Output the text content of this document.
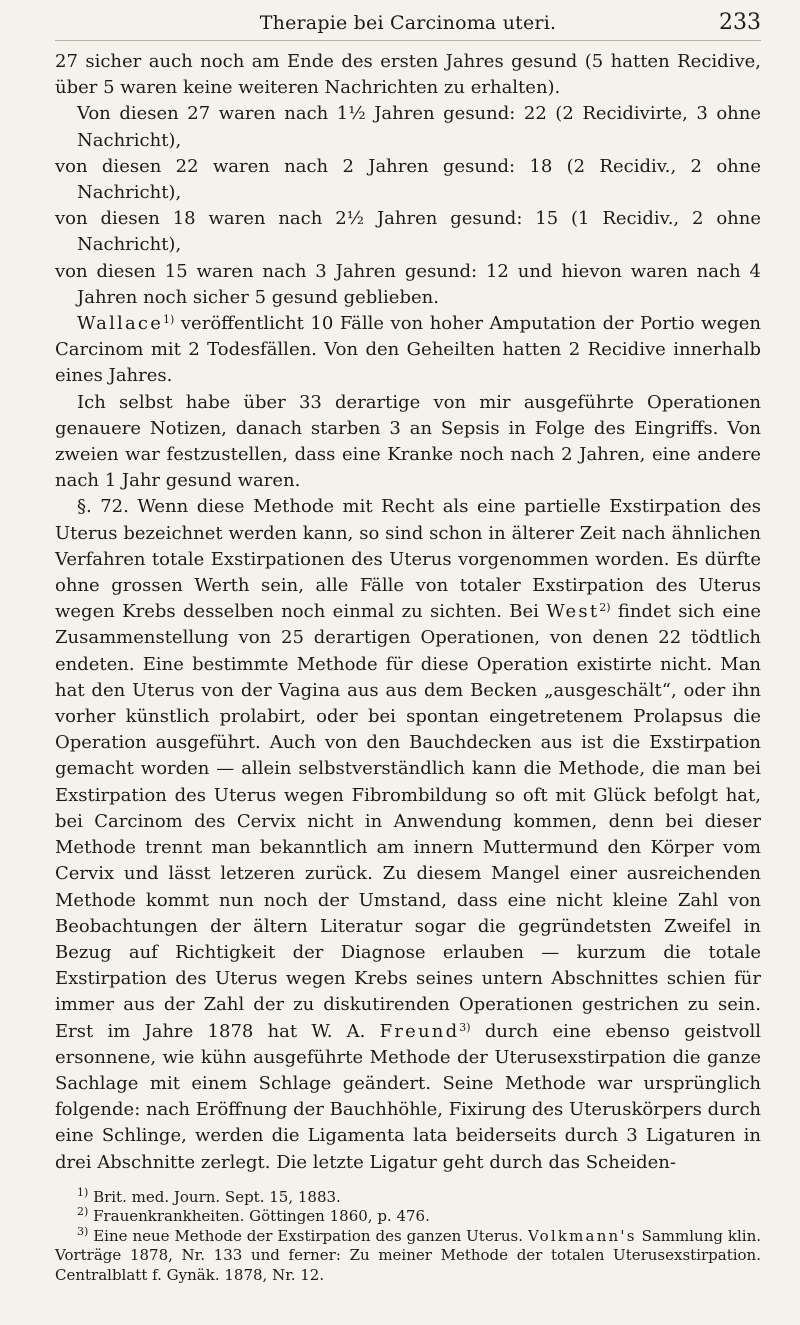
Therapie bei Carcinoma uteri.	233

27 sicher auch noch am Ende des ersten Jahres gesund (5 hatten Recidive, über 5 waren keine weiteren Nachrichten zu erhalten).

Von diesen 27 waren nach 1½ Jahren gesund: 22 (2 Recidivirte, 3 ohne Nachricht),

von diesen 22 waren nach 2 Jahren gesund: 18 (2 Recidiv., 2 ohne Nachricht),

von diesen 18 waren nach 2½ Jahren gesund: 15 (1 Recidiv., 2 ohne Nachricht),

von diesen 15 waren nach 3 Jahren gesund: 12 und hievon waren nach 4 Jahren noch sicher 5 gesund geblieben.

Wallace$^{1)}$ veröffentlicht 10 Fälle von hoher Amputation der Portio wegen Carcinom mit 2 Todesfällen. Von den Geheilten hatten 2 Recidive innerhalb eines Jahres.

Ich selbst habe über 33 derartige von mir ausgeführte Operationen genauere Notizen, danach starben 3 an Sepsis in Folge des Eingriffs. Von zweien war festzustellen, dass eine Kranke noch nach 2 Jahren, eine andere nach 1 Jahr gesund waren.

§. 72. Wenn diese Methode mit Recht als eine partielle Exstirpation des Uterus bezeichnet werden kann, so sind schon in älterer Zeit nach ähnlichen Verfahren totale Exstirpationen des Uterus vorgenommen worden. Es dürfte ohne grossen Werth sein, alle Fälle von totaler Exstirpation des Uterus wegen Krebs desselben noch einmal zu sichten. Bei West$^{2)}$ findet sich eine Zusammenstellung von 25 derartigen Operationen, von denen 22 tödtlich endeten. Eine bestimmte Methode für diese Operation existirte nicht. Man hat den Uterus von der Vagina aus aus dem Becken „ausgeschält“, oder ihn vorher künstlich prolabirt, oder bei spontan eingetretenem Prolapsus die Operation ausgeführt. Auch von den Bauchdecken aus ist die Exstirpation gemacht worden — allein selbstverständlich kann die Methode, die man bei Exstirpation des Uterus wegen Fibrombildung so oft mit Glück befolgt hat, bei Carcinom des Cervix nicht in Anwendung kommen, denn bei dieser Methode trennt man bekanntlich am innern Muttermund den Körper vom Cervix und lässt letzeren zurück. Zu diesem Mangel einer ausreichenden Methode kommt nun noch der Umstand, dass eine nicht kleine Zahl von Beobachtungen der ältern Literatur sogar die gegründetsten Zweifel in Bezug auf Richtigkeit der Diagnose erlauben — kurzum die totale Exstirpation des Uterus wegen Krebs seines untern Abschnittes schien für immer aus der Zahl der zu diskutirenden Operationen gestrichen zu sein. Erst im Jahre 1878 hat W. A. Freund$^{3)}$ durch eine ebenso geistvoll ersonnene, wie kühn ausgeführte Methode der Uterusexstirpation die ganze Sachlage mit einem Schlage geändert. Seine Methode war ursprünglich folgende: nach Eröffnung der Bauchhöhle, Fixirung des Uteruskörpers durch eine Schlinge, werden die Ligamenta lata beiderseits durch 3 Ligaturen in drei Abschnitte zerlegt. Die letzte Ligatur geht durch das Scheiden-

$^{1)}$ Brit. med. Journ. Sept. 15, 1883.

$^{2)}$ Frauenkrankheiten. Göttingen 1860, p. 476.

$^{3)}$ Eine neue Methode der Exstirpation des ganzen Uterus. Volkmann's Sammlung klin. Vorträge 1878, Nr. 133 und ferner: Zu meiner Methode der totalen Uterusexstirpation. Centralblatt f. Gynäk. 1878, Nr. 12.
